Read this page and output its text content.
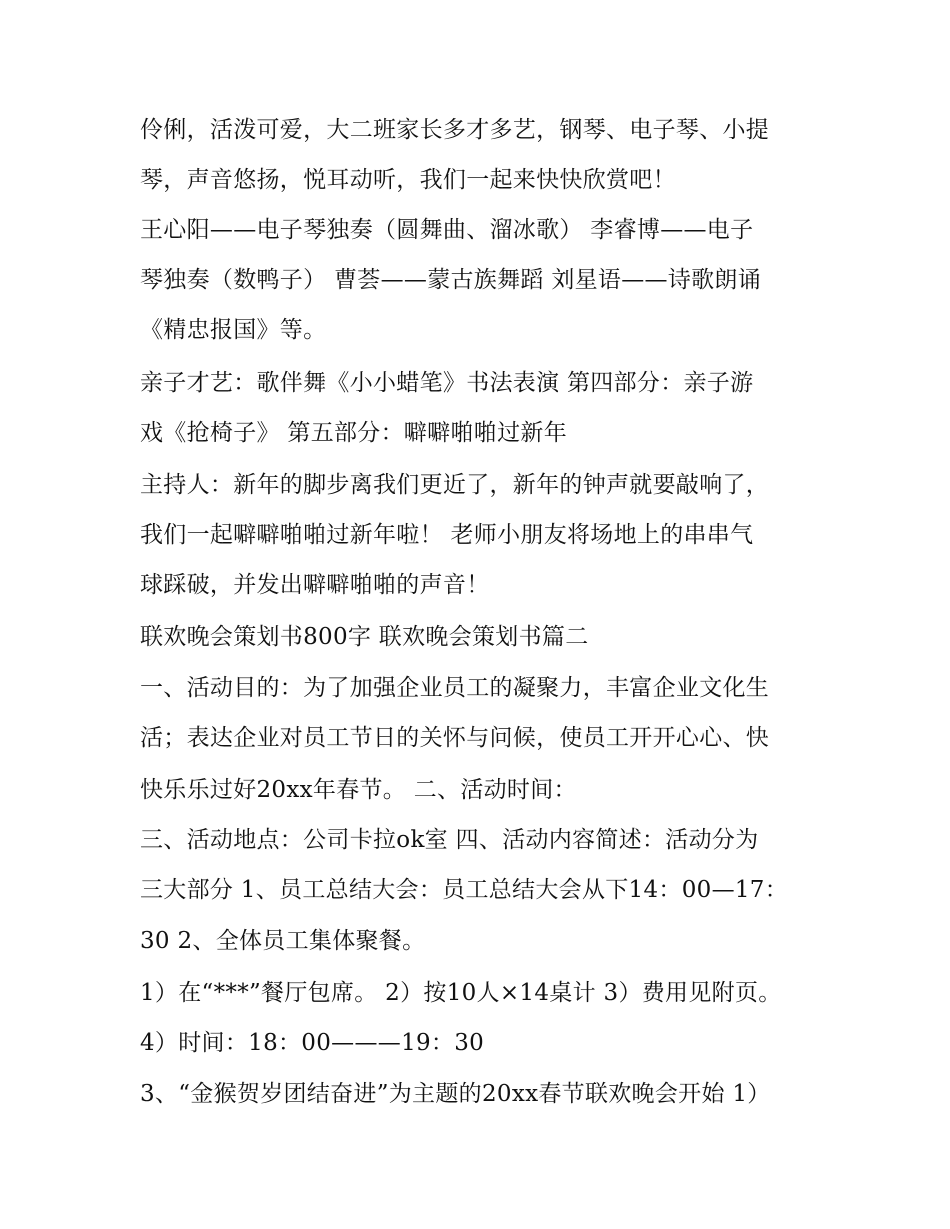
伶俐，活泼可爱，大二班家长多才多艺，钢琴、电子琴、小提
琴，声音悠扬，悦耳动听，我们一起来快快欣赏吧！
王心阳——电子琴独奏（圆舞曲、溜冰歌） 李睿博——电子
琴独奏（数鸭子） 曹荟——蒙古族舞蹈 刘星语——诗歌朗诵
《精忠报国》等。
亲子才艺：歌伴舞《小小蜡笔》书法表演 第四部分：亲子游
戏《抢椅子》 第五部分：噼噼啪啪过新年
主持人：新年的脚步离我们更近了，新年的钟声就要敲响了，
我们一起噼噼啪啪过新年啦！ 老师小朋友将场地上的串串气
球踩破，并发出噼噼啪啪的声音！
联欢晚会策划书800字 联欢晚会策划书篇二
一、活动目的：为了加强企业员工的凝聚力，丰富企业文化生
活；表达企业对员工节日的关怀与问候，使员工开开心心、快
快乐乐过好20xx年春节。 二、活动时间：
三、活动地点：公司卡拉ok室 四、活动内容简述：活动分为
三大部分 1、员工总结大会：员工总结大会从下14：00—17：
30 2、全体员工集体聚餐。
1）在“***”餐厅包席。 2）按10人×14桌计 3）费用见附页。
4）时间：18：00———19：30
3、“金猴贺岁团结奋进”为主题的20xx春节联欢晚会开始 1）
